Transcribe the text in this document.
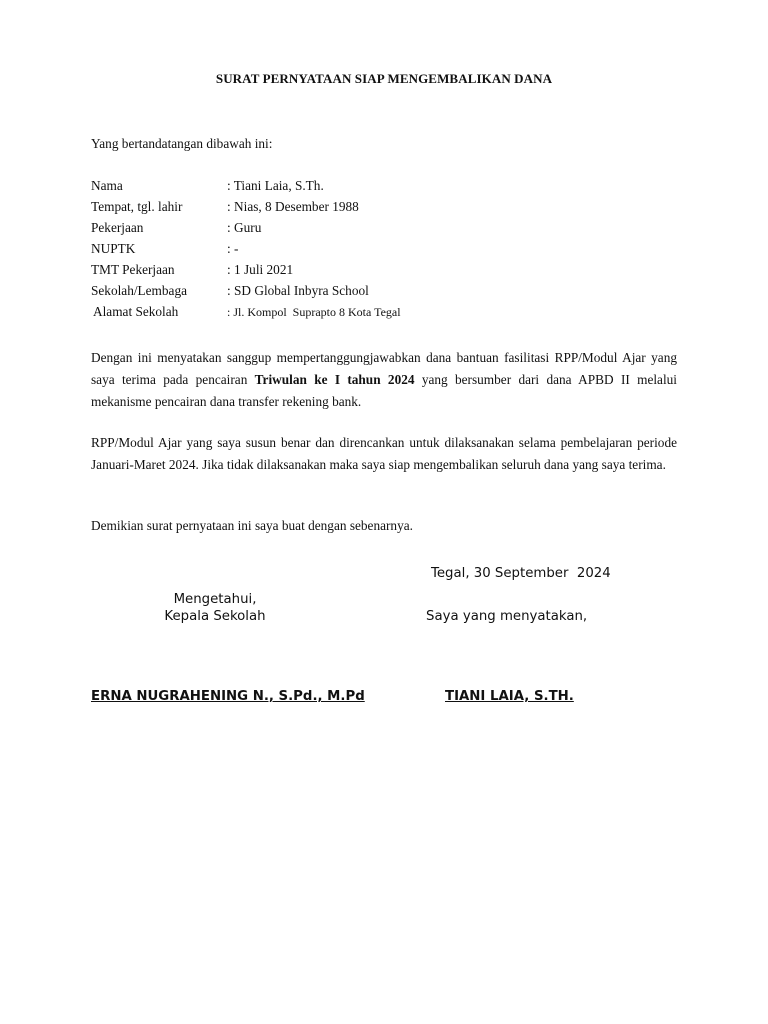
SURAT PERNYATAAN SIAP MENGEMBALIKAN DANA
Yang bertandatangan dibawah ini:
Nama	: Tiani Laia, S.Th.
Tempat, tgl. lahir	: Nias, 8 Desember 1988
Pekerjaan	: Guru
NUPTK	: -
TMT Pekerjaan	: 1 Juli 2021
Sekolah/Lembaga	: SD Global Inbyra School
Alamat Sekolah	: Jl. Kompol  Suprapto 8 Kota Tegal
Dengan ini menyatakan sanggup mempertanggungjawabkan dana bantuan fasilitasi RPP/Modul Ajar yang saya terima pada pencairan Triwulan ke I tahun 2024 yang bersumber dari dana APBD II melalui mekanisme pencairan dana transfer rekening bank.
RPP/Modul Ajar yang saya susun benar dan direncankan untuk dilaksanakan selama pembelajaran periode Januari-Maret 2024. Jika tidak dilaksanakan maka saya siap mengembalikan seluruh dana yang saya terima.
Demikian surat pernyataan ini saya buat dengan sebenarnya.
Tegal, 30 September  2024
Mengetahui,
Kepala Sekolah	Saya yang menyatakan,
ERNA NUGRAHENING N., S.Pd., M.Pd	TIANI LAIA, S.TH.
